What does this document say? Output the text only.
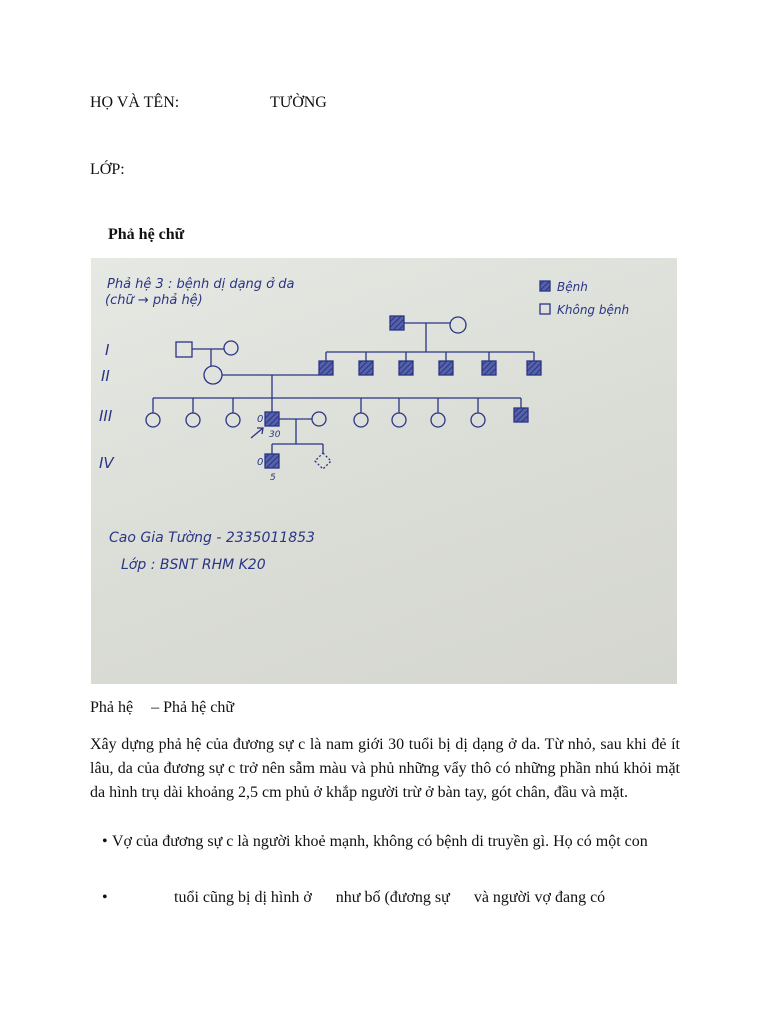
HỌ VÀ TÊN:	TƯỜNG
LỚP:
Phả hệ chữ
Phả hệ 3 : bệnh dị dạng ở da
(chữ → phả hệ)
Bệnh
Không bệnh
I
II
III
IV
0
30
0
5
Cao Gia Tường - 2335011853
Lớp : BSNT RHM K20
Phả hệ – Phả hệ chữ
Xây dựng phả hệ của đương sự c là nam giới 30 tuổi bị dị dạng ở da. Từ nhỏ, sau khi đẻ ít lâu, da của đương sự c trở nên sẫm màu và phủ những vẩy thô có những phần nhú khỏi mặt da hình trụ dài khoảng 2,5 cm phủ ở khắp người trừ ở bàn tay, gót chân, đầu và mặt.
• Vợ của đương sự c là người khoẻ mạnh, không có bệnh di truyền gì. Họ có một con
•	tuổi cũng bị dị hình ở      như bố (đương sự      và người vợ đang có
